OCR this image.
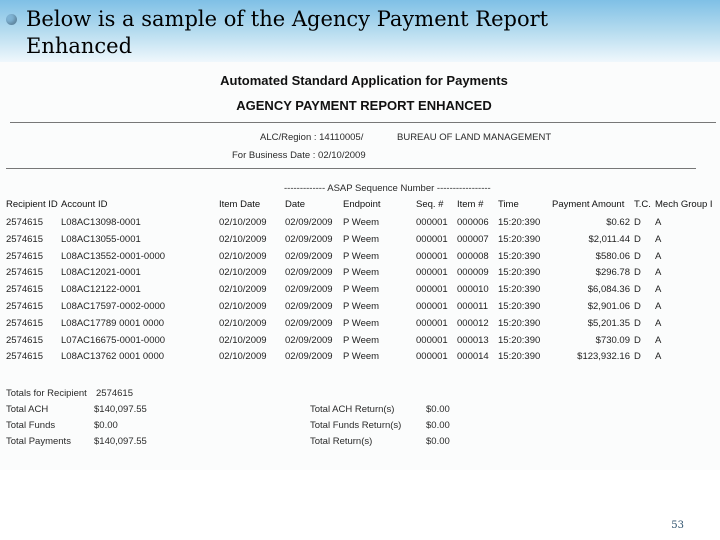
Below is a sample of the Agency Payment Report Enhanced
Automated Standard Application for Payments
AGENCY PAYMENT REPORT ENHANCED
ALC/Region : 14110005/	BUREAU OF LAND MANAGEMENT
For Business Date : 02/10/2009
------------- ASAP Sequence Number -----------------
Recipient ID Account ID	Item Date	Date	Endpoint	Seq. # Item # Time	Payment Amount T.C. Mech Group I
2574615 L08AC13098-0001	02/10/2009 02/09/2009 P Weem	000001 000006 15:20:390	$0.62 D A
2574615 L08AC13055-0001	02/10/2009 02/09/2009 P Weem	000001 000007 15:20:390	$2,011.44 D A
2574615 L08AC13552-0001-0000	02/10/2009 02/09/2009 P Weem	000001 000008 15:20:390	$580.06 D A
2574615 L08AC12021-0001	02/10/2009 02/09/2009 P Weem	000001 000009 15:20:390	$296.78 D A
2574615 L08AC12122-0001	02/10/2009 02/09/2009 P Weem	000001 000010 15:20:390	$6,084.36 D A
2574615 L08AC17597-0002-0000	02/10/2009 02/09/2009 P Weem	000001 000011 15:20:390	$2,901.06 D A
2574615 L08AC17789 0001 0000	02/10/2009 02/09/2009 P Weem	000001 000012 15:20:390	$5,201.35 D A
2574615 L07AC16675-0001-0000	02/10/2009 02/09/2009 P Weem	000001 000013 15:20:390	$730.09 D A
2574615 L08AC13762 0001 0000	02/10/2009 02/09/2009 P Weem	000001 000014 15:20:390	$123,932.16 D A
Totals for Recipient 2574615
Total ACH	$140,097.55	Total ACH Return(s)	$0.00
Total Funds	$0.00	Total Funds Return(s)	$0.00
Total Payments $140,097.55	Total Return(s)	$0.00
53
